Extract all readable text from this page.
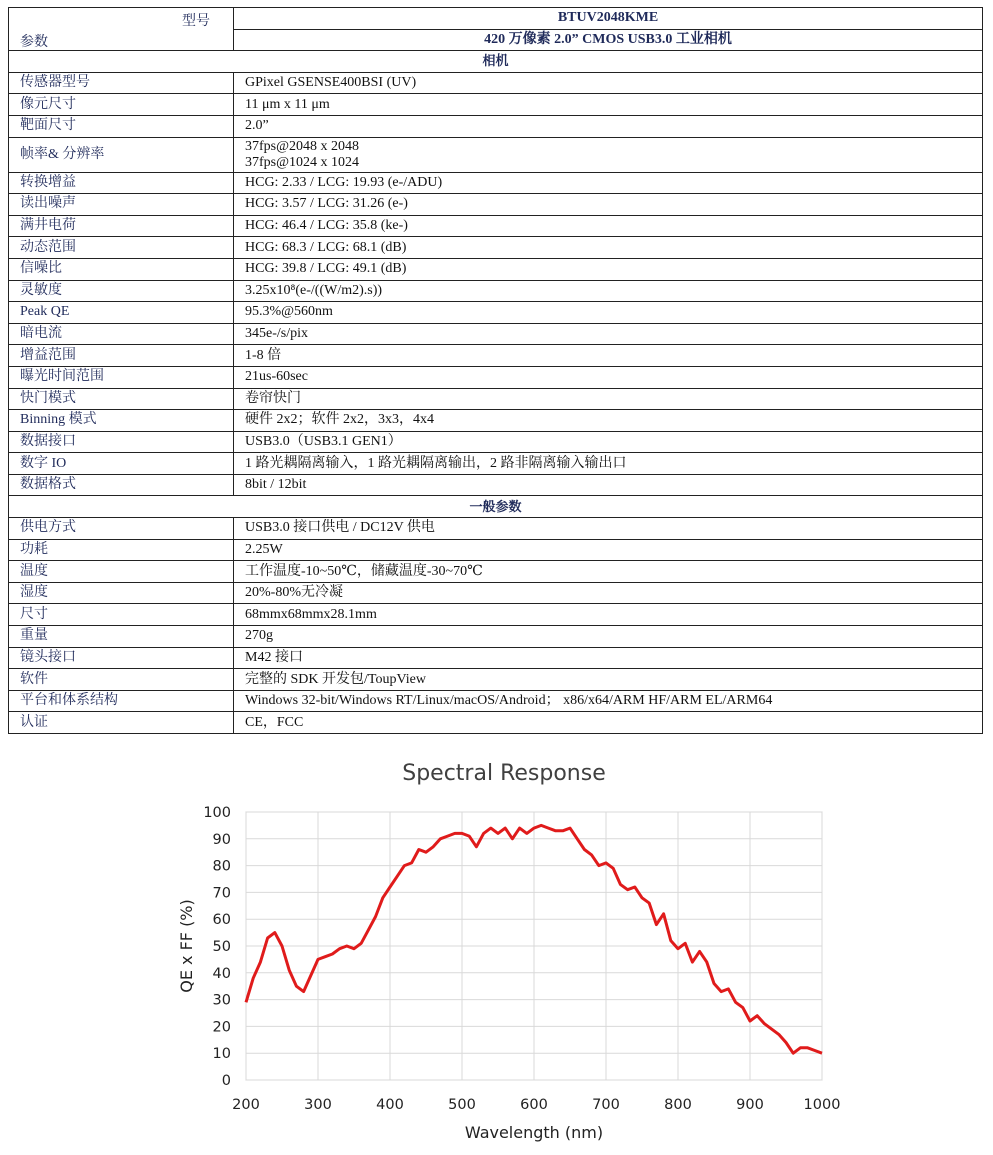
型号
参数	BTUV2048KME
	420 万像素 2.0” CMOS USB3.0 工业相机
相机	
传感器型号	GPixel GSENSE400BSI (UV)
像元尺寸	11 μm x 11 μm
靶面尺寸	2.0”
帧率& 分辨率	37fps@2048 x 2048
37fps@1024 x 1024

转换增益	HCG: 2.33 / LCG: 19.93 (e-/ADU)
读出噪声	HCG: 3.57 / LCG: 31.26 (e-)
满井电荷	HCG: 46.4 / LCG: 35.8 (ke-)
动态范围	HCG: 68.3 / LCG: 68.1 (dB)
信噪比	HCG: 39.8 / LCG: 49.1 (dB)
灵敏度	3.25x10⁸(e-/((W/m2).s))
Peak QE	95.3%@560nm
暗电流	345e-/s/pix
增益范围	1-8 倍
曝光时间范围	21us-60sec
快门模式	卷帘快门
Binning 模式	硬件 2x2；软件 2x2，3x3，4x4
数据接口	USB3.0（USB3.1 GEN1）
数字 IO	1 路光耦隔离输入，1 路光耦隔离输出，2 路非隔离输入输出口
数据格式	8bit / 12bit
一般参数	
供电方式	USB3.0 接口供电 / DC12V 供电
功耗	2.25W
温度	工作温度-10~50℃，储藏温度-30~70℃
湿度	20%-80%无冷凝
尺寸	68mmx68mmx28.1mm
重量	270g
镜头接口	M42 接口
软件	完整的 SDK 开发包/ToupView
平台和体系结构	Windows 32-bit/Windows RT/Linux/macOS/Android； x86/x64/ARM HF/ARM EL/ARM64
认证	CE，FCC
Spectral Response
200	300	400	500	600	700	800	900	1000
0
10
20
30
40
50
60
70
80
90
100
Wavelength (nm)
QE x FF (%)
